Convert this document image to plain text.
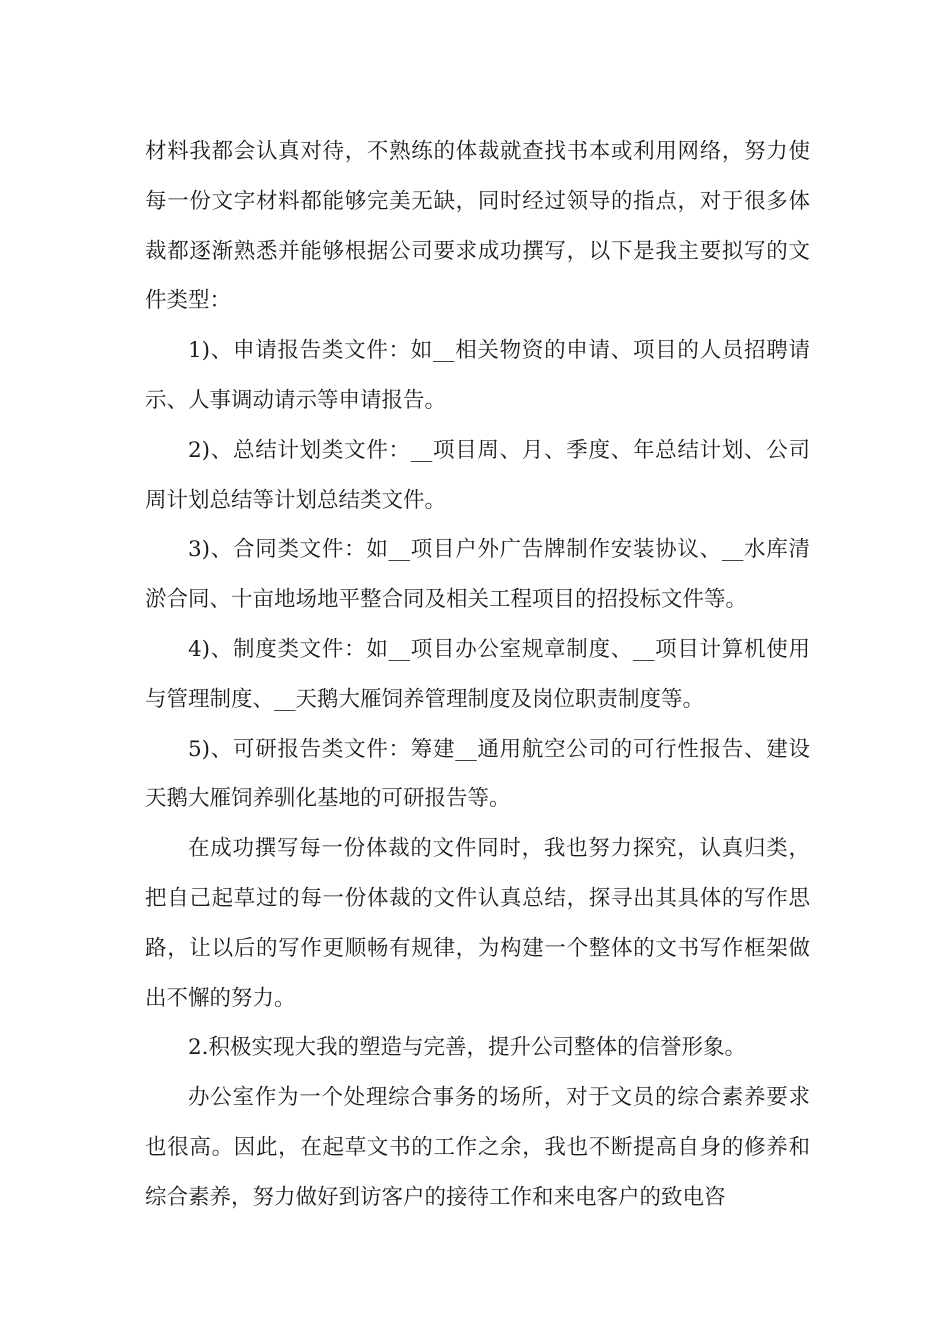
材料我都会认真对待，不熟练的体裁就查找书本或利用网络，努力使每一份文字材料都能够完美无缺，同时经过领导的指点，对于很多体裁都逐渐熟悉并能够根据公司要求成功撰写，以下是我主要拟写的文件类型：

1)、申请报告类文件：如__相关物资的申请、项目的人员招聘请示、人事调动请示等申请报告。

2)、总结计划类文件：__项目周、月、季度、年总结计划、公司周计划总结等计划总结类文件。

3)、合同类文件：如__项目户外广告牌制作安装协议、__水库清淤合同、十亩地场地平整合同及相关工程项目的招投标文件等。

4)、制度类文件：如__项目办公室规章制度、__项目计算机使用与管理制度、__天鹅大雁饲养管理制度及岗位职责制度等。

5)、可研报告类文件：筹建__通用航空公司的可行性报告、建设天鹅大雁饲养驯化基地的可研报告等。

在成功撰写每一份体裁的文件同时，我也努力探究，认真归类，把自己起草过的每一份体裁的文件认真总结，探寻出其具体的写作思路，让以后的写作更顺畅有规律，为构建一个整体的文书写作框架做出不懈的努力。

2.积极实现大我的塑造与完善，提升公司整体的信誉形象。

办公室作为一个处理综合事务的场所，对于文员的综合素养要求也很高。因此，在起草文书的工作之余，我也不断提高自身的修养和综合素养，努力做好到访客户的接待工作和来电客户的致电咨
